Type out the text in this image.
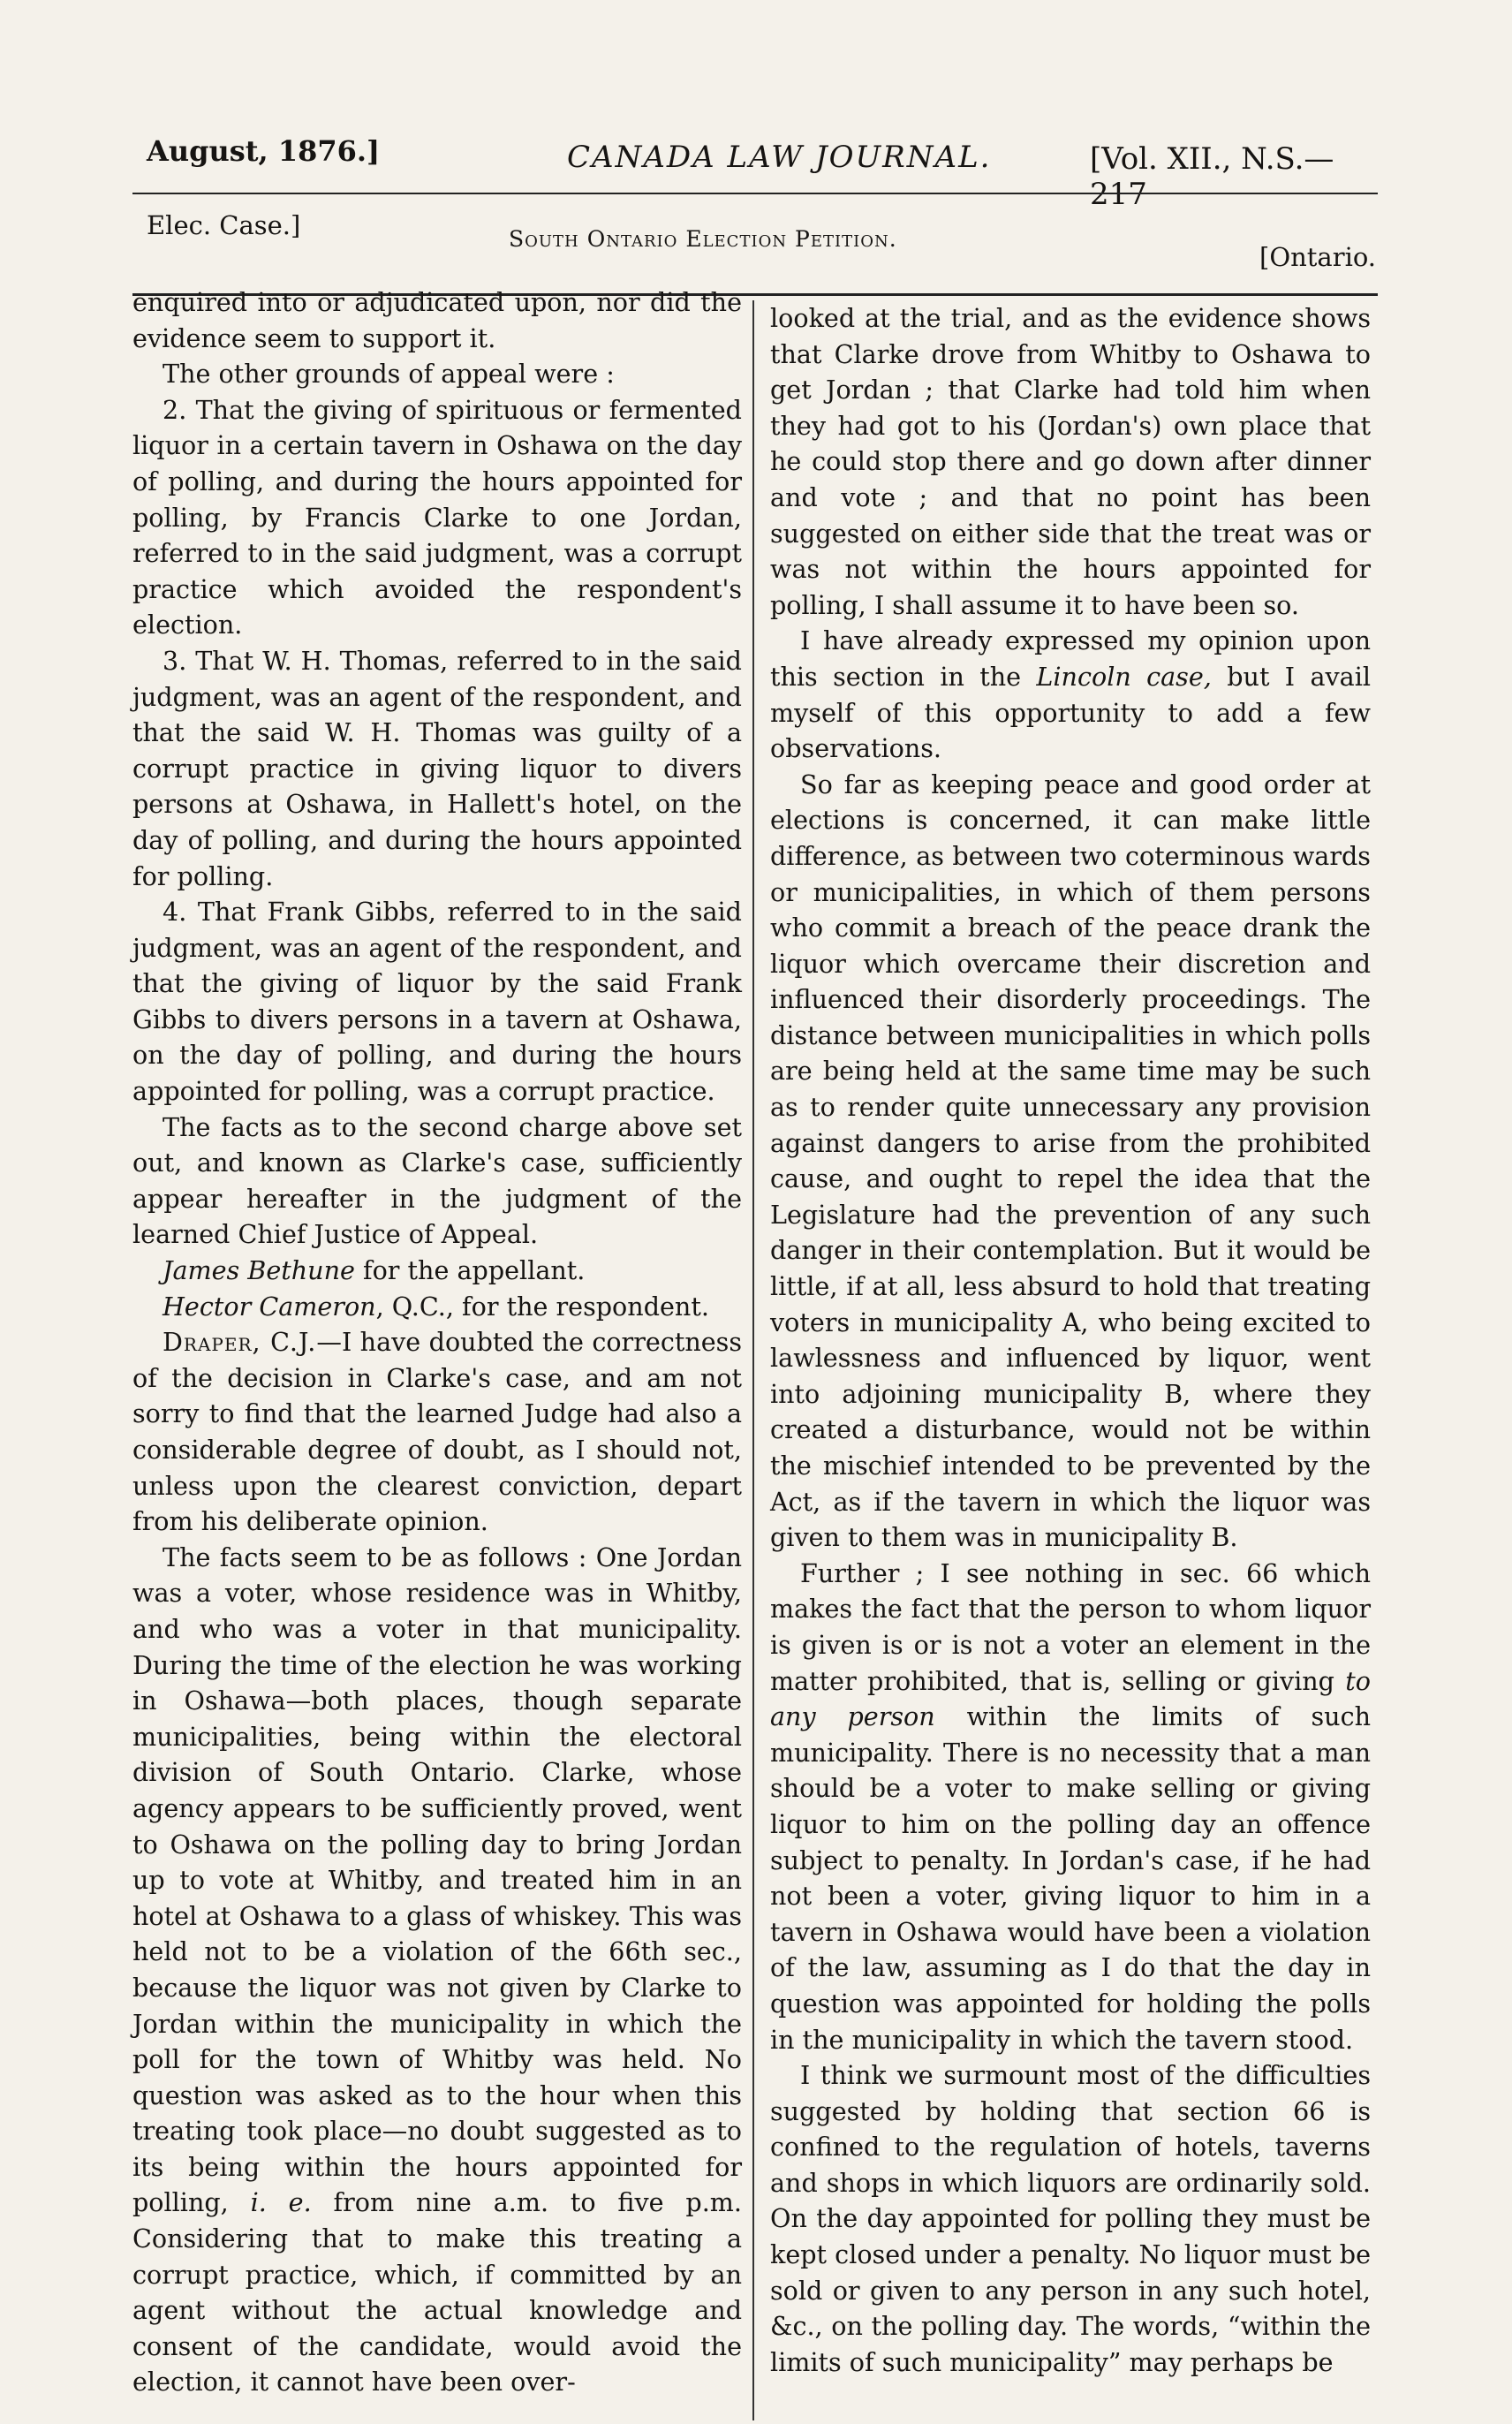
August, 1876.]	CANADA LAW JOURNAL.	[Vol. XII., N.S.—217
Elec. Case.]	South Ontario Election Petition.
[Ontario.

enquired into or adjudicated upon, nor did the evidence seem to support it.

The other grounds of appeal were :

2. That the giving of spirituous or fermented liquor in a certain tavern in Oshawa on the day of polling, and during the hours appointed for polling, by Francis Clarke to one Jordan, referred to in the said judgment, was a corrupt practice which avoided the respondent's election.

3. That W. H. Thomas, referred to in the said judgment, was an agent of the respondent, and that the said W. H. Thomas was guilty of a corrupt practice in giving liquor to divers persons at Oshawa, in Hallett's hotel, on the day of polling, and during the hours appointed for polling.

4. That Frank Gibbs, referred to in the said judgment, was an agent of the respondent, and that the giving of liquor by the said Frank Gibbs to divers persons in a tavern at Oshawa, on the day of polling, and during the hours appointed for polling, was a corrupt practice.

The facts as to the second charge above set out, and known as Clarke's case, sufficiently appear hereafter in the judgment of the learned Chief Justice of Appeal.

James Bethune for the appellant.

Hector Cameron, Q.C., for the respondent.

Draper, C.J.—I have doubted the correctness of the decision in Clarke's case, and am not sorry to find that the learned Judge had also a considerable degree of doubt, as I should not, unless upon the clearest conviction, depart from his deliberate opinion.

The facts seem to be as follows : One Jordan was a voter, whose residence was in Whitby, and who was a voter in that municipality. During the time of the election he was working in Oshawa—both places, though separate municipalities, being within the electoral division of South Ontario. Clarke, whose agency appears to be sufficiently proved, went to Oshawa on the polling day to bring Jordan up to vote at Whitby, and treated him in an hotel at Oshawa to a glass of whiskey. This was held not to be a violation of the 66th sec., because the liquor was not given by Clarke to Jordan within the municipality in which the poll for the town of Whitby was held. No question was asked as to the hour when this treating took place—no doubt suggested as to its being within the hours appointed for polling, i. e. from nine a.m. to five p.m. Considering that to make this treating a corrupt practice, which, if committed by an agent without the actual knowledge and consent of the candidate, would avoid the election, it cannot have been over-

looked at the trial, and as the evidence shows that Clarke drove from Whitby to Oshawa to get Jordan ; that Clarke had told him when they had got to his (Jordan's) own place that he could stop there and go down after dinner and vote ; and that no point has been suggested on either side that the treat was or was not within the hours appointed for polling, I shall assume it to have been so.

I have already expressed my opinion upon this section in the Lincoln case, but I avail myself of this opportunity to add a few observations.

So far as keeping peace and good order at elections is concerned, it can make little difference, as between two coterminous wards or municipalities, in which of them persons who commit a breach of the peace drank the liquor which overcame their discretion and influenced their disorderly proceedings. The distance between municipalities in which polls are being held at the same time may be such as to render quite unnecessary any provision against dangers to arise from the prohibited cause, and ought to repel the idea that the Legislature had the prevention of any such danger in their contemplation. But it would be little, if at all, less absurd to hold that treating voters in municipality A, who being excited to lawlessness and influenced by liquor, went into adjoining municipality B, where they created a disturbance, would not be within the mischief intended to be prevented by the Act, as if the tavern in which the liquor was given to them was in municipality B.

Further ; I see nothing in sec. 66 which makes the fact that the person to whom liquor is given is or is not a voter an element in the matter prohibited, that is, selling or giving to any person within the limits of such municipality. There is no necessity that a man should be a voter to make selling or giving liquor to him on the polling day an offence subject to penalty. In Jordan's case, if he had not been a voter, giving liquor to him in a tavern in Oshawa would have been a violation of the law, assuming as I do that the day in question was appointed for holding the polls in the municipality in which the tavern stood.

I think we surmount most of the difficulties suggested by holding that section 66 is confined to the regulation of hotels, taverns and shops in which liquors are ordinarily sold. On the day appointed for polling they must be kept closed under a penalty. No liquor must be sold or given to any person in any such hotel, &c., on the polling day. The words, “within the limits of such municipality” may perhaps be
